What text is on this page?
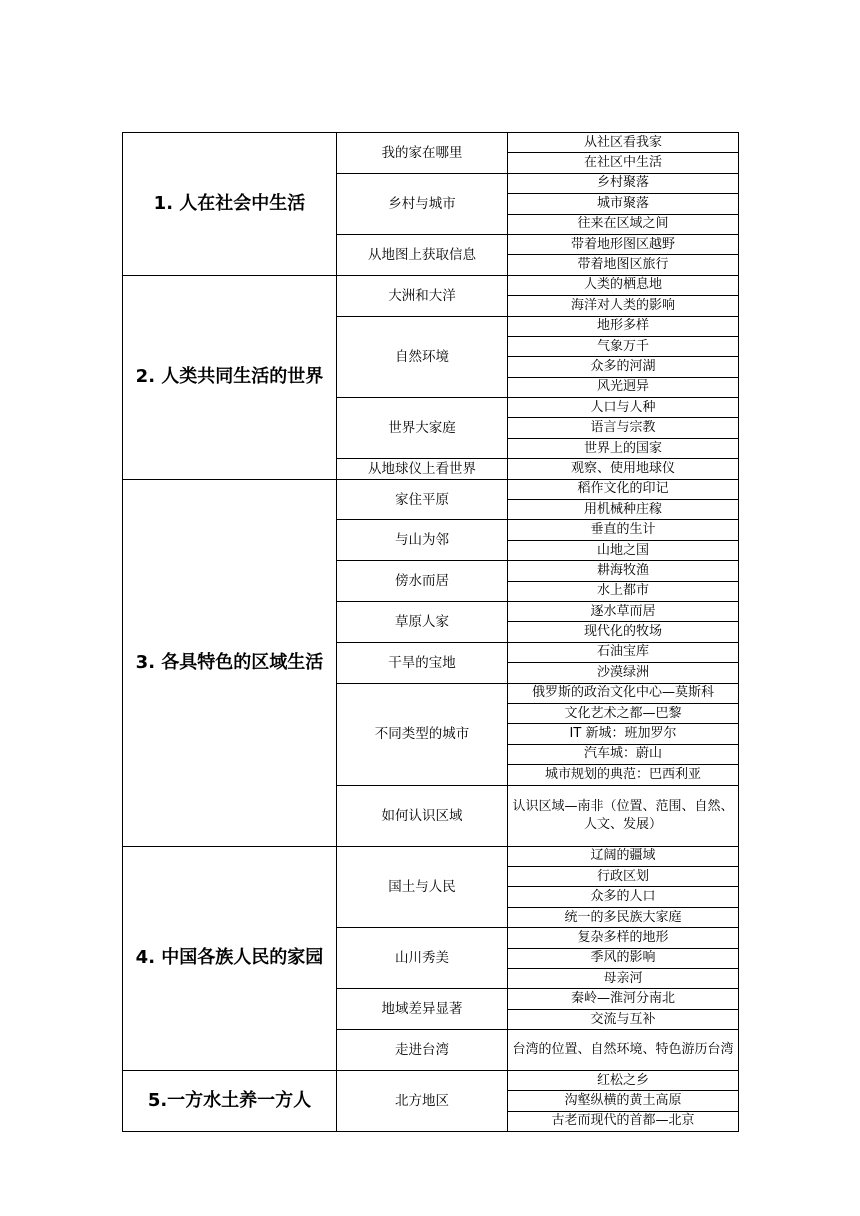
1. 人在社会中生活	我的家在哪里	从社区看我家
		在社区中生活
	乡村与城市	乡村聚落
		城市聚落
		往来在区域之间
	从地图上获取信息	带着地形图区越野
		带着地图区旅行
2. 人类共同生活的世界	大洲和大洋	人类的栖息地
		海洋对人类的影响
	自然环境	地形多样
		气象万千
		众多的河湖
		风光迥异
	世界大家庭	人口与人种
		语言与宗教
		世界上的国家
	从地球仪上看世界	观察、使用地球仪
3. 各具特色的区域生活	家住平原	稻作文化的印记
		用机械种庄稼
	与山为邻	垂直的生计
		山地之国
	傍水而居	耕海牧渔
		水上都市
	草原人家	逐水草而居
		现代化的牧场
	干旱的宝地	石油宝库
		沙漠绿洲
	不同类型的城市	俄罗斯的政治文化中心—莫斯科
		文化艺术之都—巴黎
		IT 新城：班加罗尔
		汽车城：蔚山
		城市规划的典范：巴西利亚
	如何认识区域	认识区域—南非（位置、范围、自然、人文、发展）
4. 中国各族人民的家园	国土与人民	辽阔的疆域
		行政区划
		众多的人口
		统一的多民族大家庭
	山川秀美	复杂多样的地形
		季风的影响
		母亲河
	地域差异显著	秦岭—淮河分南北
		交流与互补
	走进台湾	台湾的位置、自然环境、特色游历台湾
5.一方水土养一方人	北方地区	红松之乡
		沟壑纵横的黄土高原
		古老而现代的首都—北京
